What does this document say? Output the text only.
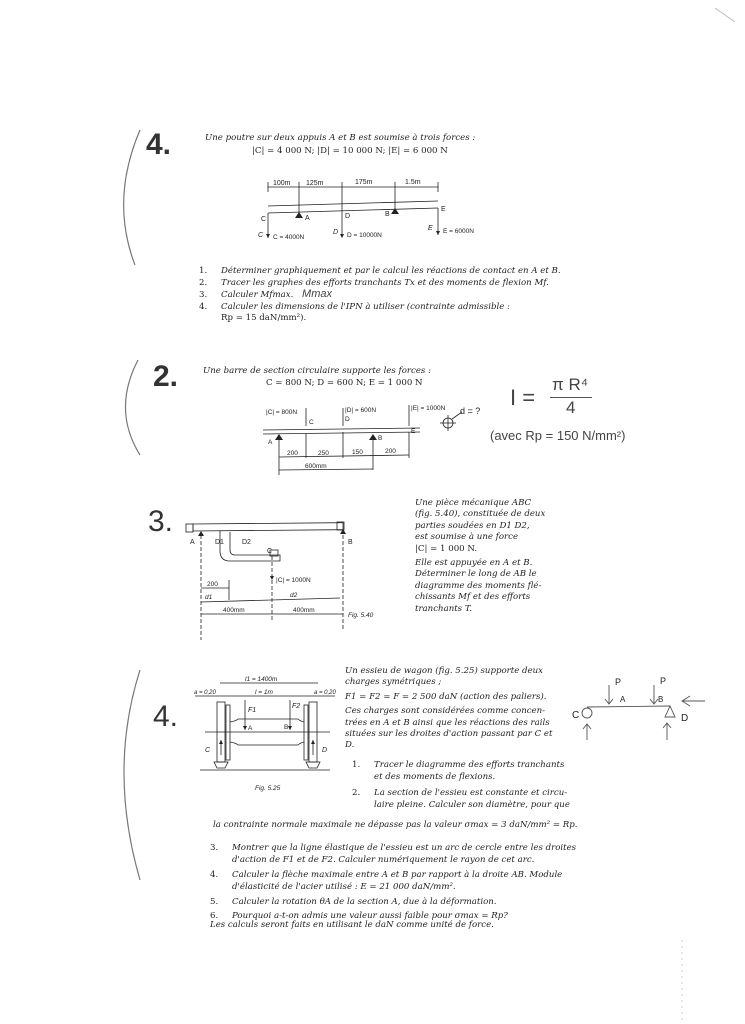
4.	Une poutre sur deux appuis A et B est soumise à trois forces :
|C| = 4 000 N; |D| = 10 000 N; |E| = 6 000 N
100m 125m	175m	1.5m
C	A	D	B
E
C	D
E
C = 4000N	D = 10000N
E = 6000N
1. Déterminer graphiquement et par le calcul les réactions de contact en A et B.
2. Tracer les graphes des efforts tranchants Tx et des moments de flexion Mf.
3. Calculer Mfmax. Mmax
4. Calculer les dimensions de l'IPN à utiliser (contrainte admissible :
Rp = 15 daN/mm²).
2.	Une barre de section circulaire supporte les forces :
C = 800 N; D = 600 N; E = 1 000 N
|C| = 800N	|D| = 600N	|E| = 1000N
C	D
E
A
B
200	250	150	200
600mm
d = ?
I =
π R⁴
4
(avec Rp = 150 N/mm²)
3.
A	D1	D2
C
B
|C| = 1000N
200
d1	d2
400mm	400mm
Fig. 5.40
Une pièce mécanique ABC
(fig. 5.40), constituée de deux
parties soudées en D1 D2,
est soumise à une force
|C| = 1 000 N.
Elle est appuyée en A et B.
Déterminer le long de AB le
diagramme des moments flé-
chissants Mf et des efforts
tranchants T.
4.
l1 = 1400m
l = 1m
a = 0,20	a = 0,20
F1
F2
A	B
C	D
Fig. 5.25
Un essieu de wagon (fig. 5.25) supporte deux
charges symétriques ;
F1 = F2 = F = 2 500 daN (action des paliers).
Ces charges sont considérées comme concen-
trées en A et B ainsi que les réactions des rails
situées sur les droites d'action passant par C et
D.
1. Tracer le diagramme des efforts tranchants
et des moments de flexions.
2. La section de l'essieu est constante et circu-
laire pleine. Calculer son diamètre, pour que
la contrainte normale maximale ne dépasse pas la valeur σmax = 3 daN/mm² = Rp.
3. Montrer que la ligne élastique de l'essieu est un arc de cercle entre les droites
d'action de F1 et de F2. Calculer numériquement le rayon de cet arc.
4. Calculer la flèche maximale entre A et B par rapport à la droite AB. Module
d'élasticité de l'acier utilisé : E = 21 000 daN/mm².
5. Calculer la rotation θA de la section A, due à la déformation.
6. Pourquoi a-t-on admis une valeur aussi faible pour σmax = Rp?
Les calculs seront faits en utilisant le daN comme unité de force.
P	P
A	B
C	D
